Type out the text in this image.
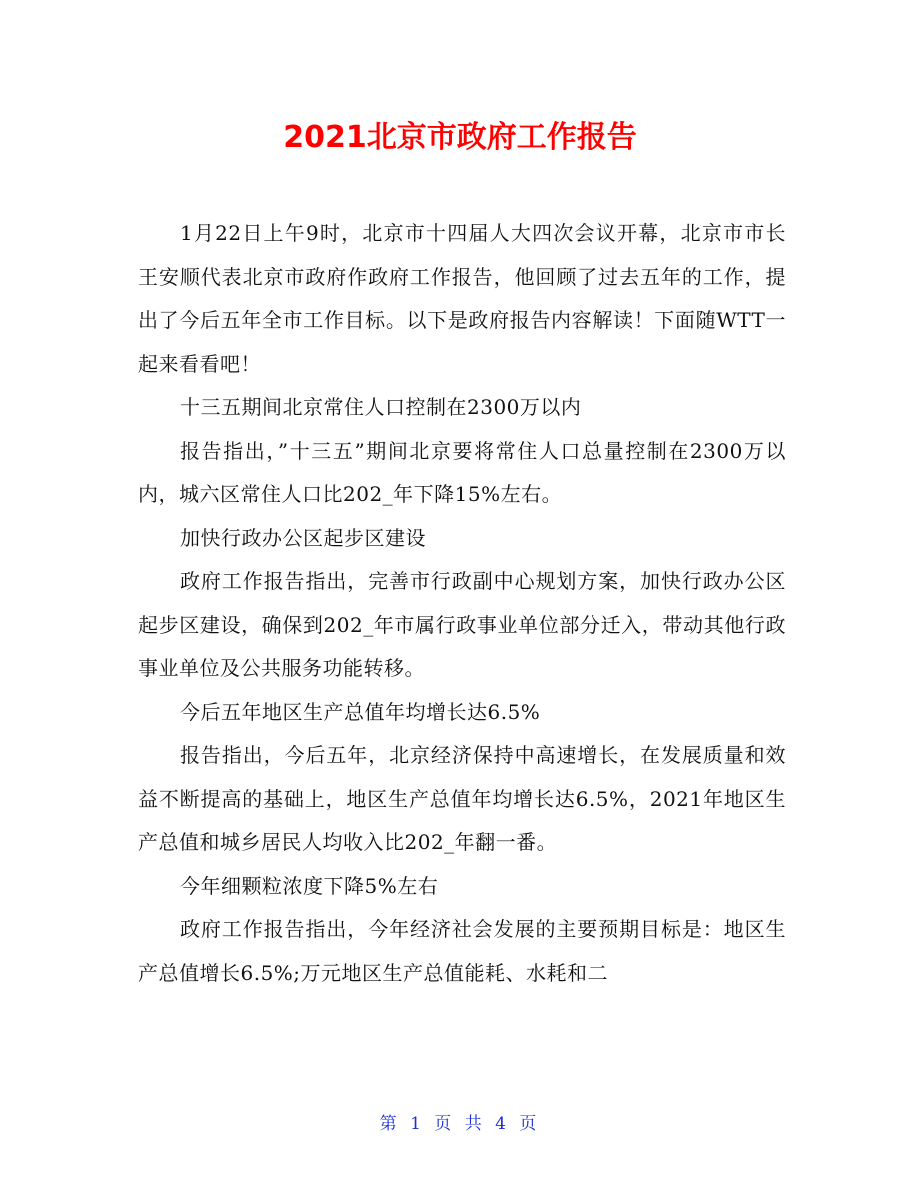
2021北京市政府工作报告

1月22日上午9时，北京市十四届人大四次会议开幕，北京市市长王安顺代表北京市政府作政府工作报告，他回顾了过去五年的工作，提出了今后五年全市工作目标。以下是政府报告内容解读！下面随WTT一起来看看吧！

十三五期间北京常住人口控制在2300万以内

报告指出，”十三五”期间北京要将常住人口总量控制在2300万以内，城六区常住人口比202_年下降15%左右。

加快行政办公区起步区建设

政府工作报告指出，完善市行政副中心规划方案，加快行政办公区起步区建设，确保到202_年市属行政事业单位部分迁入，带动其他行政事业单位及公共服务功能转移。

今后五年地区生产总值年均增长达6.5%

报告指出，今后五年，北京经济保持中高速增长，在发展质量和效益不断提高的基础上，地区生产总值年均增长达6.5%，2021年地区生产总值和城乡居民人均收入比202_年翻一番。

今年细颗粒浓度下降5%左右

政府工作报告指出，今年经济社会发展的主要预期目标是：地区生产总值增长6.5%;万元地区生产总值能耗、水耗和二

第 1 页 共 4 页
